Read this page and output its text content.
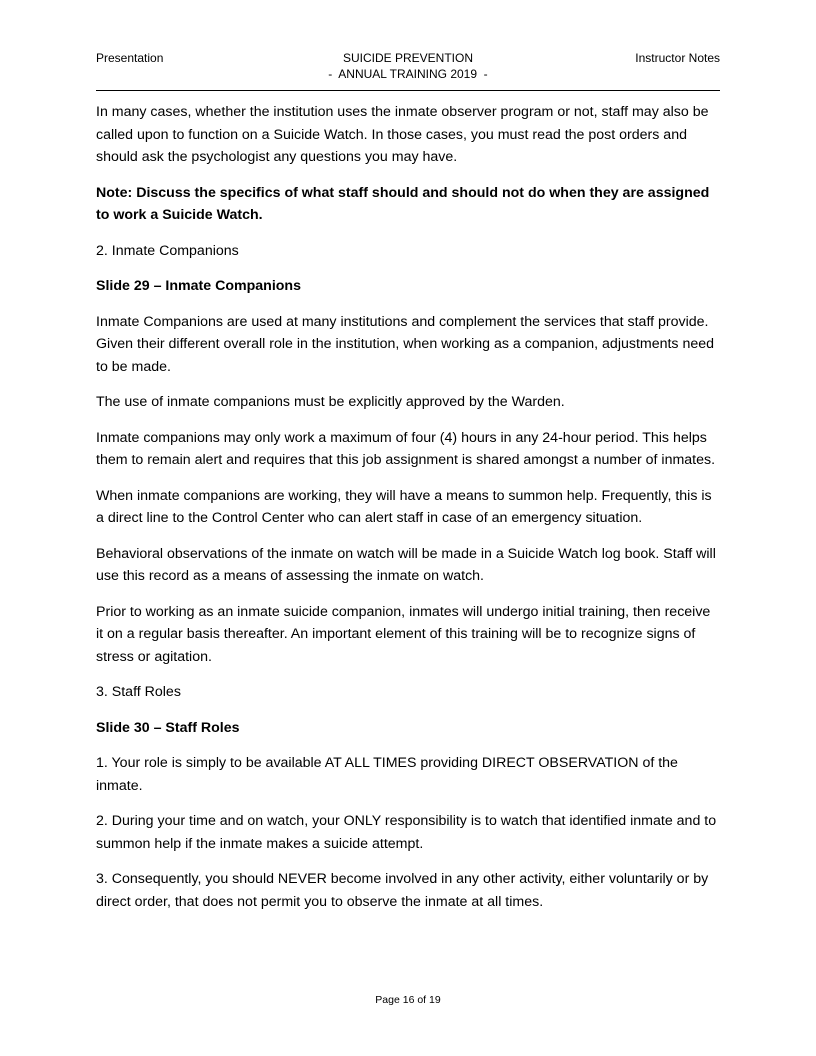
Presentation	SUICIDE PREVENTION
-  ANNUAL TRAINING 2019  -
Instructor Notes

In many cases, whether the institution uses the inmate observer program or not, staff may also be called upon to function on a Suicide Watch. In those cases, you must read the post orders and should ask the psychologist any questions you may have.

Note: Discuss the specifics of what staff should and should not do when they are assigned to work a Suicide Watch.

2. Inmate Companions

Slide 29 – Inmate Companions

Inmate Companions are used at many institutions and complement the services that staff provide. Given their different overall role in the institution, when working as a companion, adjustments need to be made.

The use of inmate companions must be explicitly approved by the Warden.

Inmate companions may only work a maximum of four (4) hours in any 24-hour period. This helps them to remain alert and requires that this job assignment is shared amongst a number of inmates.

When inmate companions are working, they will have a means to summon help. Frequently, this is a direct line to the Control Center who can alert staff in case of an emergency situation.

Behavioral observations of the inmate on watch will be made in a Suicide Watch log book. Staff will use this record as a means of assessing the inmate on watch.

Prior to working as an inmate suicide companion, inmates will undergo initial training, then receive it on a regular basis thereafter. An important element of this training will be to recognize signs of stress or agitation.

3. Staff Roles

Slide 30 – Staff Roles

1. Your role is simply to be available AT ALL TIMES providing DIRECT OBSERVATION of the inmate.

2. During your time and on watch, your ONLY responsibility is to watch that identified inmate and to summon help if the inmate makes a suicide attempt.

3. Consequently, you should NEVER become involved in any other activity, either voluntarily or by direct order, that does not permit you to observe the inmate at all times.

Page 16 of 19
